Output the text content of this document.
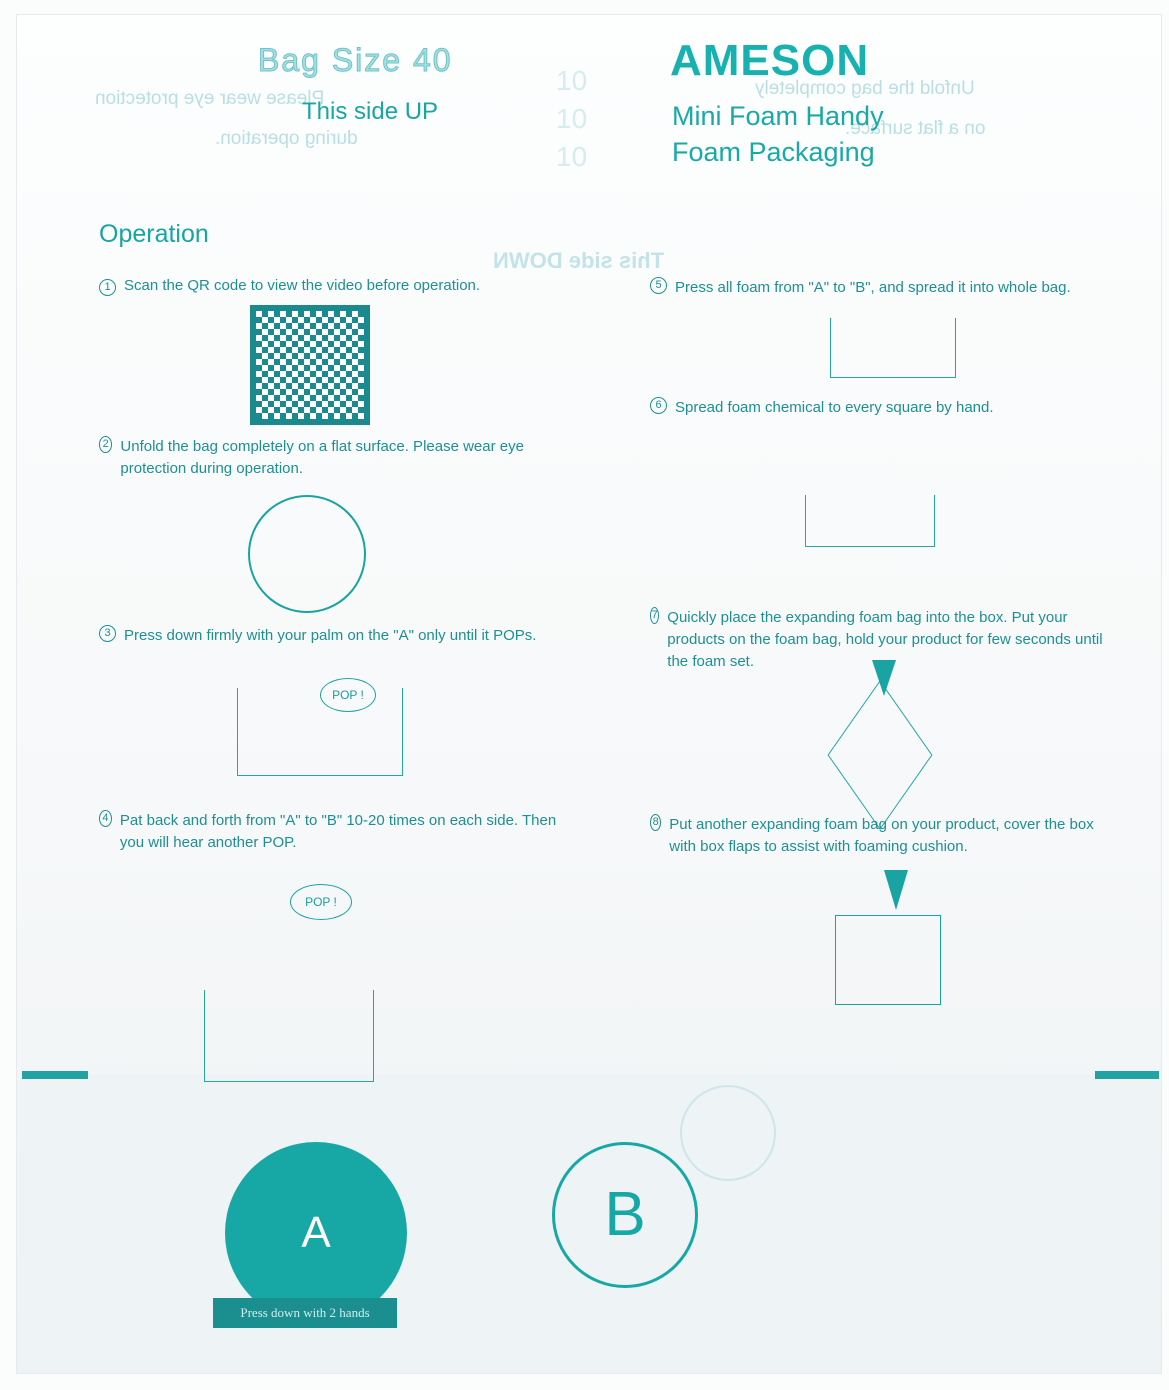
Bag Size 40
Please wear eye protection
during operation.
This side UP
10
10
10
AMESON
Unfold the bag completely
on a flat surface.
Mini Foam Handy
Foam Packaging
Operation
This side DOWN
1 Scan the QR code to view the video before operation.
2 Unfold the bag completely on a flat surface. Please wear eye protection during operation.
3 Press down firmly with your palm on the "A" only until it POPs.
POP !
4 Pat back and forth from "A" to "B" 10-20 times on each side. Then you will hear another POP.
POP !
5 Press all foam from "A" to "B", and spread it into whole bag.
6 Spread foam chemical to every square by hand.
7 Quickly place the expanding foam bag into the box. Put your products on the foam bag, hold your product for few seconds until the foam set.
8 Put another expanding foam bag on your product, cover the box with box flaps to assist with foaming cushion.
A
Press down with 2 hands
B
